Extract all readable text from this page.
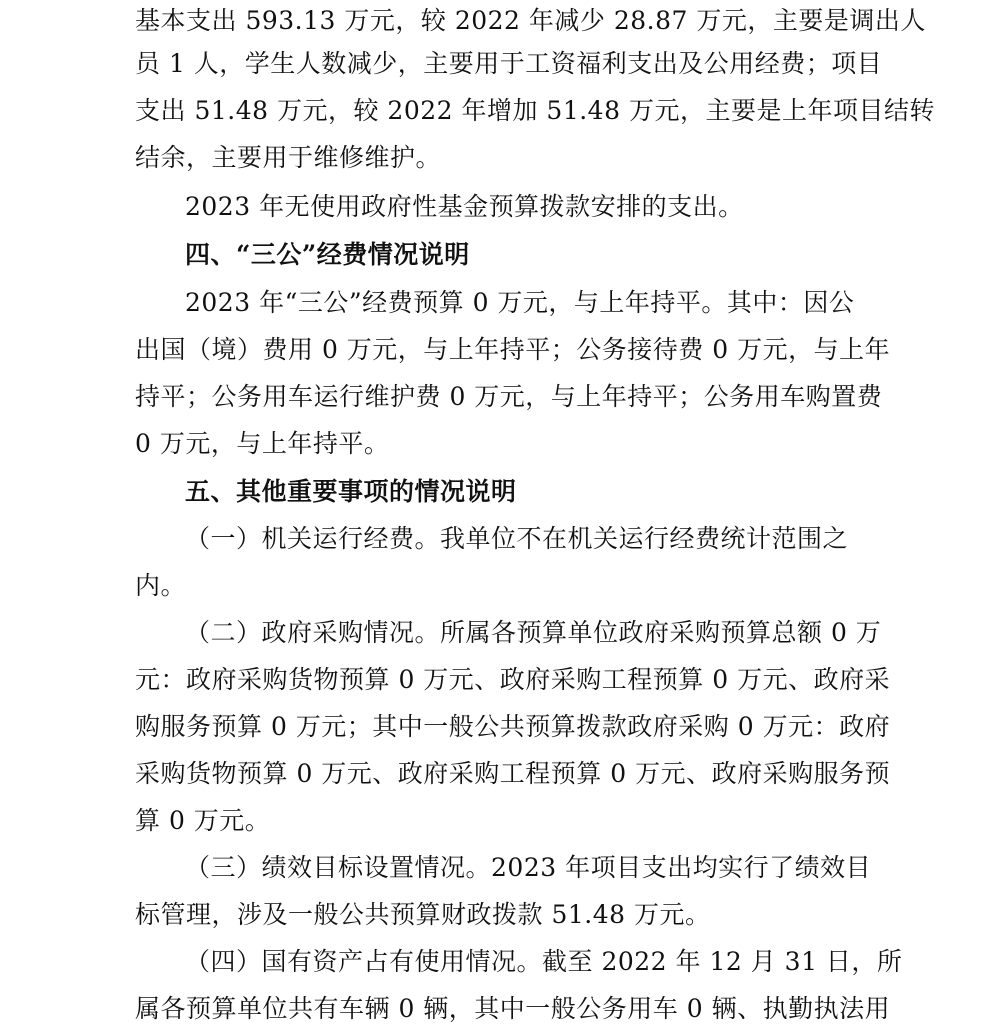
基本支出 593.13 万元，较 2022 年减少 28.87 万元，主要是调出人
员 1 人，学生人数减少，主要用于工资福利支出及公用经费；项目
支出 51.48 万元，较 2022 年增加 51.48 万元，主要是上年项目结转
结余，主要用于维修维护。
2023 年无使用政府性基金预算拨款安排的支出。
四、“三公”经费情况说明
2023 年“三公”经费预算 0 万元，与上年持平。其中：因公
出国（境）费用 0 万元，与上年持平；公务接待费 0 万元，与上年
持平；公务用车运行维护费 0 万元，与上年持平；公务用车购置费
0 万元，与上年持平。
五、其他重要事项的情况说明
（一）机关运行经费。我单位不在机关运行经费统计范围之
内。
（二）政府采购情况。所属各预算单位政府采购预算总额 0 万
元：政府采购货物预算 0 万元、政府采购工程预算 0 万元、政府采
购服务预算 0 万元；其中一般公共预算拨款政府采购 0 万元：政府
采购货物预算 0 万元、政府采购工程预算 0 万元、政府采购服务预
算 0 万元。
（三）绩效目标设置情况。2023 年项目支出均实行了绩效目
标管理，涉及一般公共预算财政拨款 51.48 万元。
（四）国有资产占有使用情况。截至 2022 年 12 月 31 日，所
属各预算单位共有车辆 0 辆，其中一般公务用车 0 辆、执勤执法用
